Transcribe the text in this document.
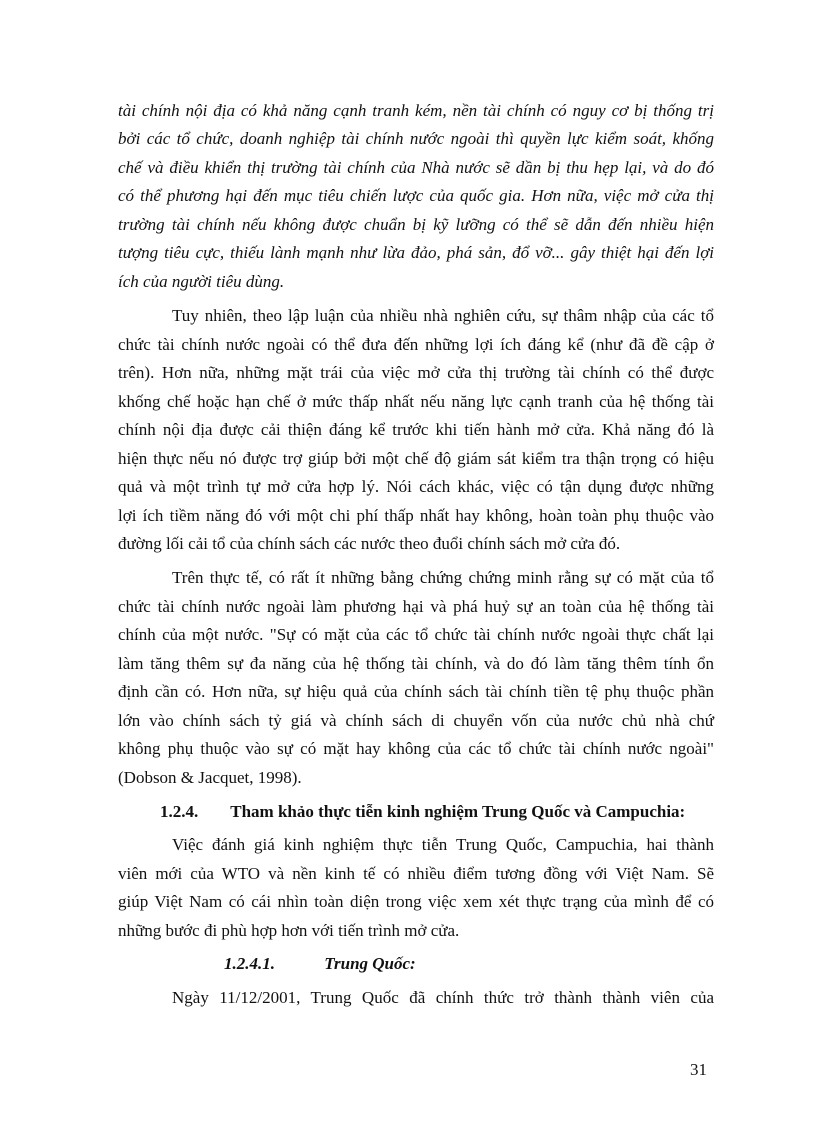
tài chính nội địa có khả năng cạnh tranh kém, nền tài chính có nguy cơ bị thống trị
bởi các tổ chức, doanh nghiệp tài chính nước ngoài thì quyền lực kiểm soát, khống
chế và điều khiển thị trường tài chính của Nhà nước sẽ dần bị thu hẹp lại, và do đó
có thể phương hại đến mục tiêu chiến lược của quốc gia. Hơn nữa, việc mở cửa thị
trường tài chính nếu không được chuẩn bị kỹ lưỡng có thể sẽ dẫn đến nhiều hiện
tượng tiêu cực, thiếu lành mạnh như lừa đảo, phá sản, đổ vỡ... gây thiệt hại đến lợi
ích của người tiêu dùng.
Tuy nhiên, theo lập luận của nhiều nhà nghiên cứu, sự thâm nhập của các tổ
chức tài chính nước ngoài có thể đưa đến những lợi ích đáng kể (như đã đề cập ở
trên). Hơn nữa, những mặt trái của việc mở cửa thị trường tài chính có thể được
khống chế hoặc hạn chế ở mức thấp nhất nếu năng lực cạnh tranh của hệ thống tài
chính nội địa được cải thiện đáng kể trước khi tiến hành mở cửa. Khả năng đó là
hiện thực nếu nó được trợ giúp bởi một chế độ giám sát kiểm tra thận trọng có hiệu
quả và một trình tự mở cửa hợp lý. Nói cách khác, việc có tận dụng được những
lợi ích tiềm năng đó với một chi phí thấp nhất hay không, hoàn toàn phụ thuộc vào
đường lối cải tổ của chính sách các nước theo đuổi chính sách mở cửa đó.
Trên thực tế, có rất ít những bằng chứng chứng minh rằng sự có mặt của tổ
chức tài chính nước ngoài làm phương hại và phá huỷ sự an toàn của hệ thống tài
chính của một nước. "Sự có mặt của các tổ chức tài chính nước ngoài thực chất lại
làm tăng thêm sự đa năng của hệ thống tài chính, và do đó làm tăng thêm tính ổn
định cần có. Hơn nữa, sự hiệu quả của chính sách tài chính tiền tệ phụ thuộc phần
lớn vào chính sách tỷ giá và chính sách di chuyển vốn của nước chủ nhà chứ
không phụ thuộc vào sự có mặt hay không của các tổ chức tài chính nước ngoài"
(Dobson & Jacquet, 1998).
1.2.4. Tham khảo thực tiễn kinh nghiệm Trung Quốc và Campuchia:
Việc đánh giá kinh nghiệm thực tiễn Trung Quốc, Campuchia, hai thành
viên mới của WTO và nền kinh tế có nhiều điểm tương đồng với Việt Nam. Sẽ
giúp Việt Nam có cái nhìn toàn diện trong việc xem xét thực trạng của mình để có
những bước đi phù hợp hơn với tiến trình mở cửa.
1.2.4.1.	Trung Quốc:
Ngày 11/12/2001, Trung Quốc đã chính thức trở thành thành viên của
31
